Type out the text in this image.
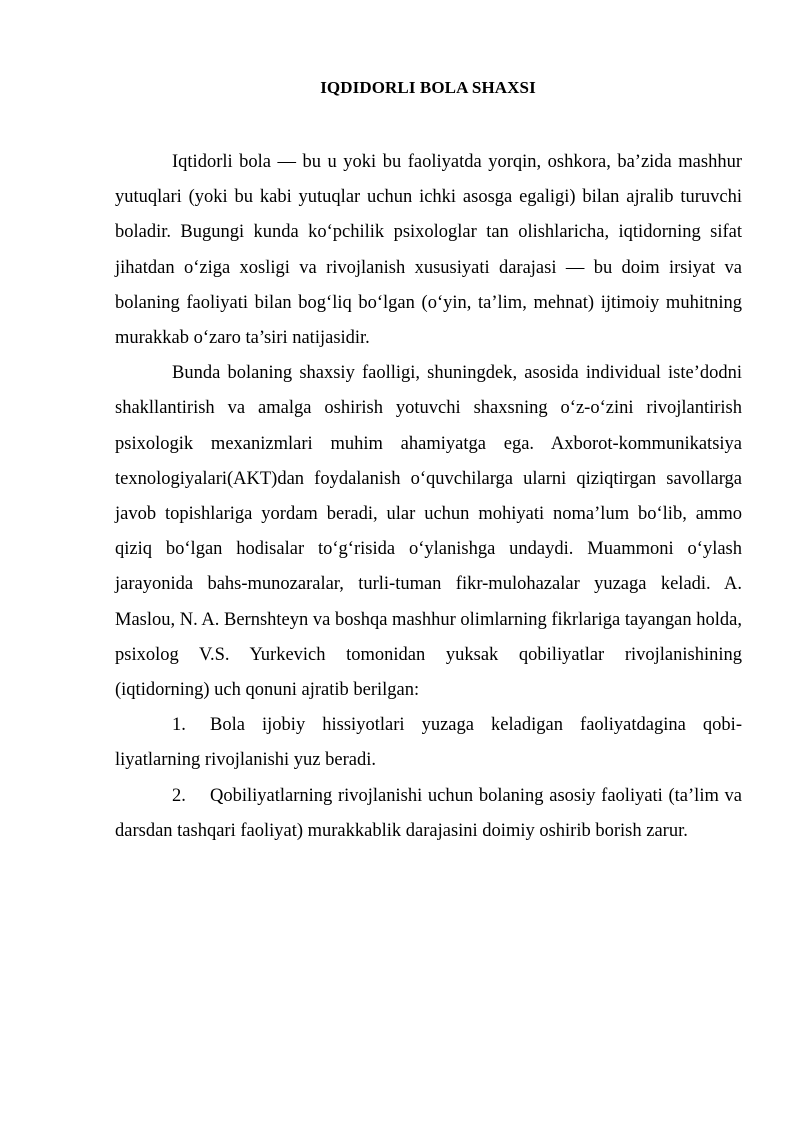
IQDIDORLI BOLA SHAXSI

Iqtidorli bola — bu u yoki bu faoliyatda yorqin, oshkora, ba’zida mashhur yutuqlari (yoki bu kabi yutuqlar uchun ichki asosga egaligi) bilan ajralib turuvchi boladir. Bugungi kunda ko‘pchilik psixologlar tan olishlaricha, iqtidorning sifat jihatdan o‘ziga xosligi va rivojlanish xususiyati darajasi — bu doim irsiyat va bolaning faoliyati bilan bog‘liq bo‘lgan (o‘yin, ta’lim, mehnat) ijtimoiy muhitning murakkab o‘zaro ta’siri natijasidir.

Bunda bolaning shaxsiy faolligi, shuningdek, asosida individual iste’dodni shakllantirish va amalga oshirish yotuvchi shaxsning o‘z-o‘zini rivojlantirish psixologik mexanizmlari muhim ahamiyatga ega. Axborot-kommunikatsiya texnologiyalari(AKT)dan foydalanish o‘quvchilarga ularni qiziqtirgan savollarga javob topishlariga yordam beradi, ular uchun mohiyati noma’lum bo‘lib, ammo qiziq bo‘lgan hodisalar to‘g‘risida o‘ylanishga undaydi. Muammoni o‘ylash jarayonida bahs-munozaralar, turli-tuman fikr-mulohazalar yuzaga keladi. A. Maslou, N. A. Bernshteyn va boshqa mashhur olimlarning fikrlariga tayangan holda, psixolog V.S. Yurkevich tomonidan yuksak qobiliyatlar rivojlanishining (iqtidorning) uch qonuni ajratib berilgan:

1. Bola ijobiy hissiyotlari yuzaga keladigan faoliyatdagina qobiliyatlarning rivojlanishi yuz beradi.

2. Qobiliyatlarning rivojlanishi uchun bolaning asosiy faoliyati (ta’lim va darsdan tashqari faoliyat) murakkablik darajasini doimiy oshirib borish zarur.
